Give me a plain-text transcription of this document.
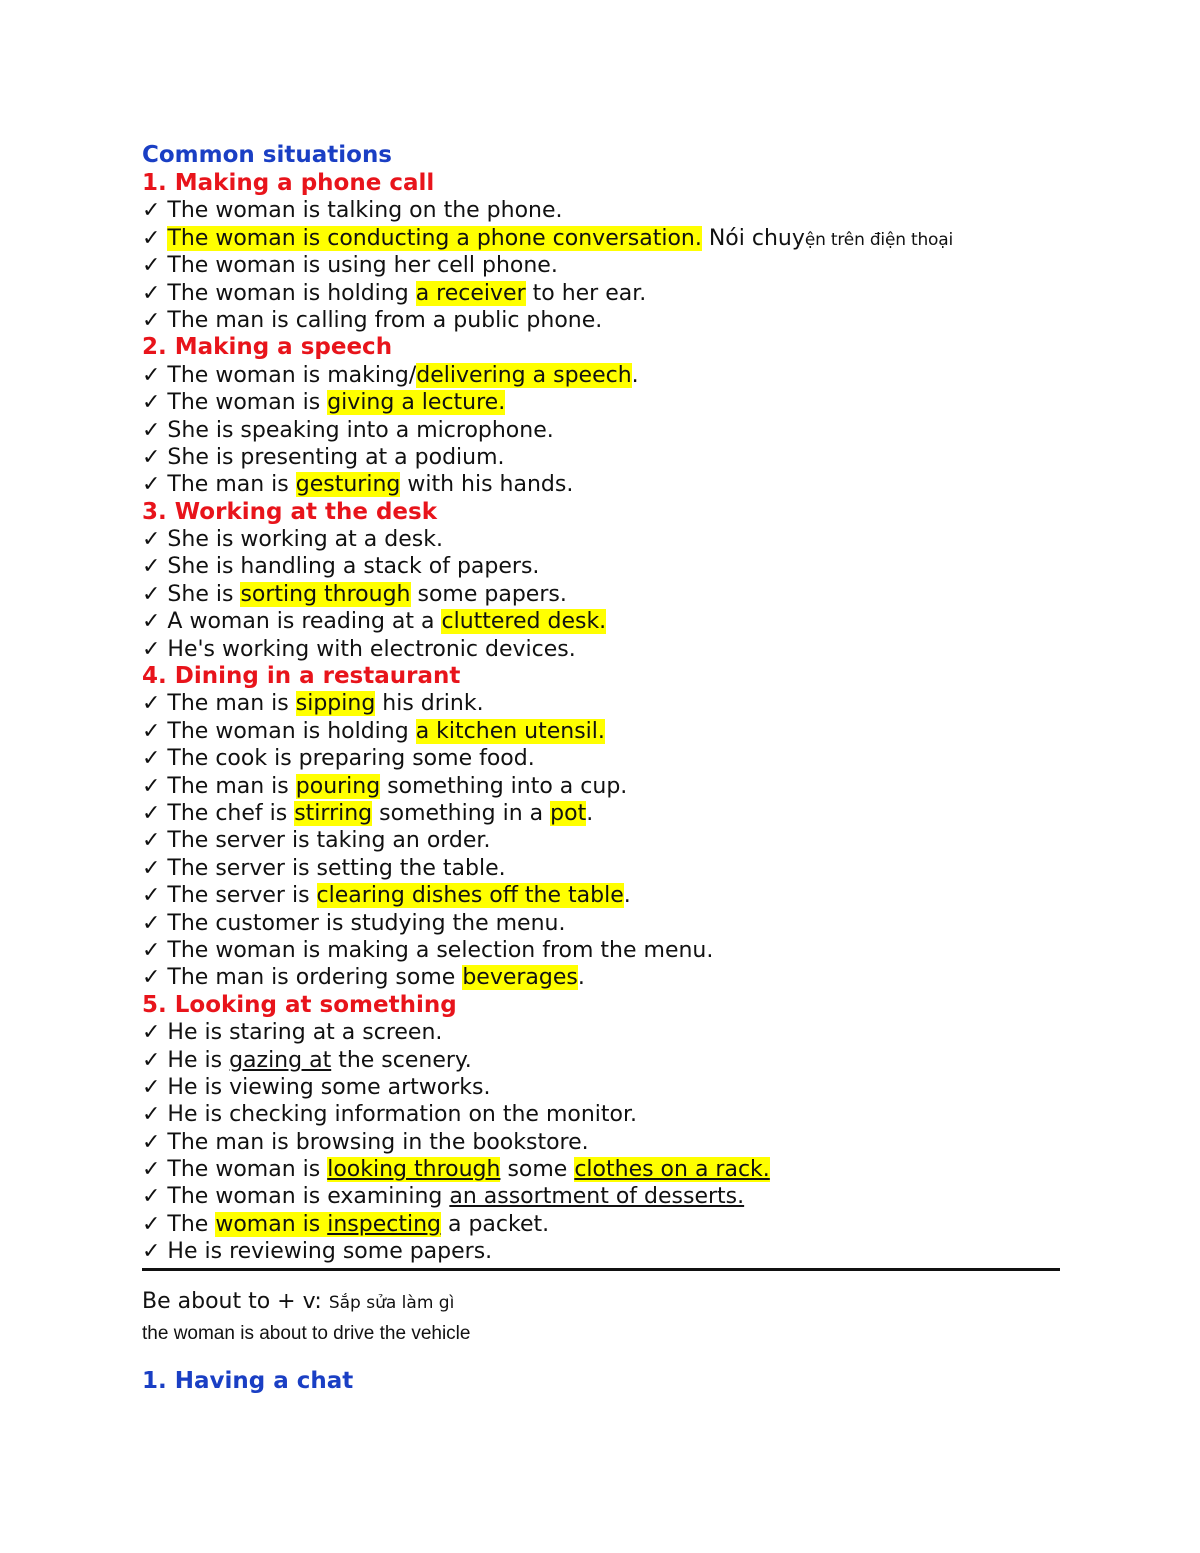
Common situations
1. Making a phone call
✓ The woman is talking on the phone.
✓ The woman is conducting a phone conversation. Nói chuyện trên điện thoại
✓ The woman is using her cell phone.
✓ The woman is holding a receiver to her ear.
✓ The man is calling from a public phone.
2. Making a speech
✓ The woman is making/delivering a speech.
✓ The woman is giving a lecture.
✓ She is speaking into a microphone.
✓ She is presenting at a podium.
✓ The man is gesturing with his hands.
3. Working at the desk
✓ She is working at a desk.
✓ She is handling a stack of papers.
✓ She is sorting through some papers.
✓ A woman is reading at a cluttered desk.
✓ He's working with electronic devices.
4. Dining in a restaurant
✓ The man is sipping his drink.
✓ The woman is holding a kitchen utensil.
✓ The cook is preparing some food.
✓ The man is pouring something into a cup.
✓ The chef is stirring something in a pot.
✓ The server is taking an order.
✓ The server is setting the table.
✓ The server is clearing dishes off the table.
✓ The customer is studying the menu.
✓ The woman is making a selection from the menu.
✓ The man is ordering some beverages.
5. Looking at something
✓ He is staring at a screen.
✓ He is gazing at the scenery.
✓ He is viewing some artworks.
✓ He is checking information on the monitor.
✓ The man is browsing in the bookstore.
✓ The woman is looking through some clothes on a rack.
✓ The woman is examining an assortment of desserts.
✓ The woman is inspecting a packet.
✓ He is reviewing some papers.
Be about to + v: Sắp sửa làm gì
the woman is about to drive the vehicle
1. Having a chat
